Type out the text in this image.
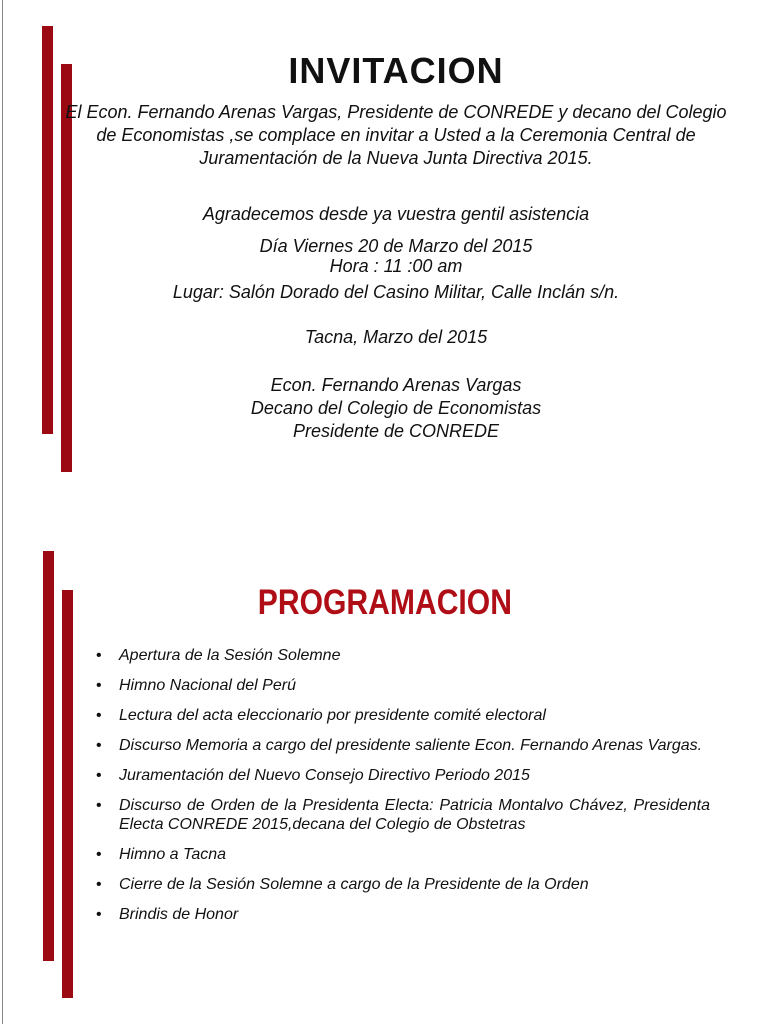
INVITACION
El Econ. Fernando Arenas Vargas, Presidente de CONREDE y decano del Colegio de Economistas ,se complace en invitar a Usted a la Ceremonia Central de Juramentación de la Nueva Junta Directiva 2015.
Agradecemos desde ya vuestra gentil asistencia
Día Viernes 20 de Marzo del 2015
Hora : 11 :00 am
Lugar: Salón Dorado del Casino Militar, Calle Inclán s/n.
Tacna, Marzo del 2015
Econ. Fernando Arenas Vargas
Decano del Colegio de Economistas
Presidente de CONREDE
PROGRAMACION
• Apertura de la Sesión Solemne
• Himno Nacional del Perú
• Lectura del acta eleccionario por presidente comité electoral
• Discurso Memoria a cargo del presidente saliente Econ. Fernando Arenas Vargas.
• Juramentación del Nuevo Consejo Directivo Periodo 2015
• Discurso de Orden de la Presidenta Electa: Patricia Montalvo Chávez, Presidenta Electa CONREDE 2015,decana del Colegio de Obstetras
• Himno a Tacna
• Cierre de la Sesión Solemne a cargo de la Presidente de la Orden
• Brindis de Honor
